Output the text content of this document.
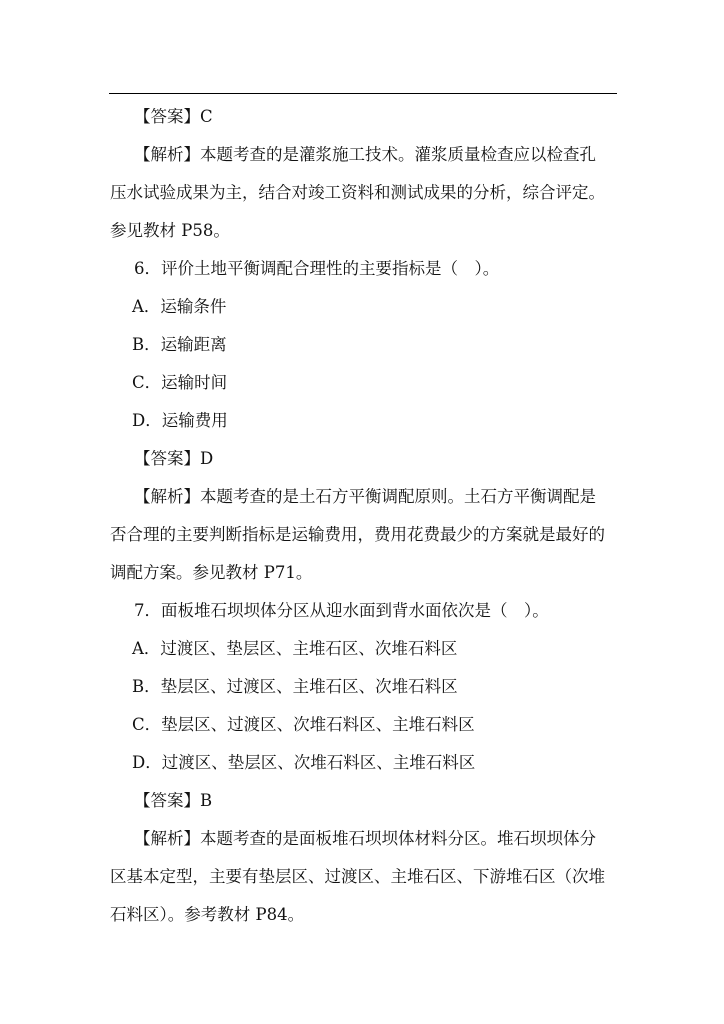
【答案】C

【解析】本题考查的是灌浆施工技术。灌浆质量检查应以检查孔

压水试验成果为主，结合对竣工资料和测试成果的分析，综合评定。

参见教材 P58。

6．评价土地平衡调配合理性的主要指标是（　）。

A．运输条件

B．运输距离

C．运输时间

D．运输费用

【答案】D

【解析】本题考查的是土石方平衡调配原则。土石方平衡调配是

否合理的主要判断指标是运输费用，费用花费最少的方案就是最好的

调配方案。参见教材 P71。

7．面板堆石坝坝体分区从迎水面到背水面依次是（　）。

A．过渡区、垫层区、主堆石区、次堆石料区

B．垫层区、过渡区、主堆石区、次堆石料区

C．垫层区、过渡区、次堆石料区、主堆石料区

D．过渡区、垫层区、次堆石料区、主堆石料区

【答案】B

【解析】本题考查的是面板堆石坝坝体材料分区。堆石坝坝体分

区基本定型，主要有垫层区、过渡区、主堆石区、下游堆石区（次堆

石料区）。参考教材 P84。
